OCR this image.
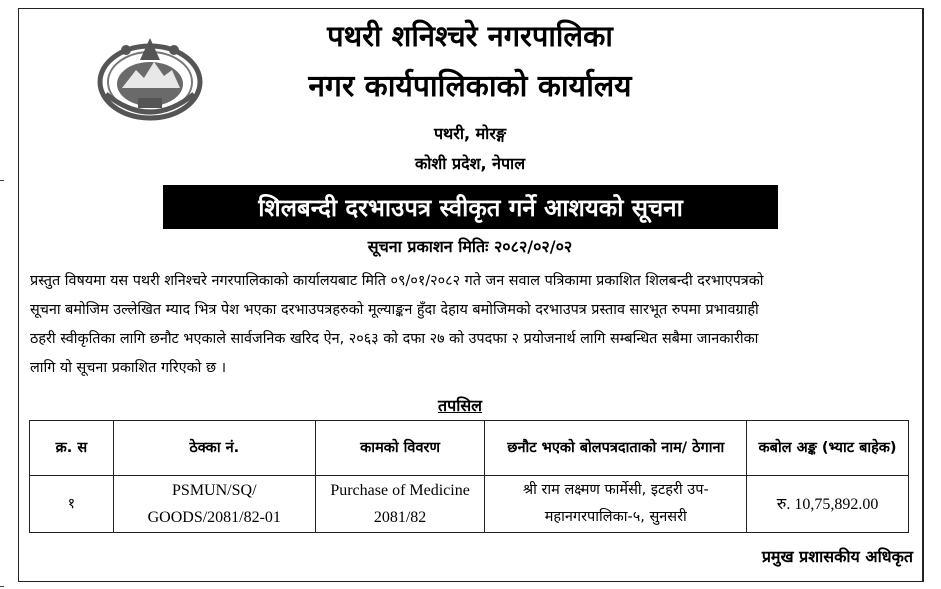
पथरी शनिश्चरे नगरपालिका
नगर कार्यपालिकाको कार्यालय
पथरी, मोरङ्ग
कोशी प्रदेश, नेपाल
शिलबन्दी दरभाउपत्र स्वीकृत गर्ने आशयको सूचना
सूचना प्रकाशन मितिः २०८२/०२/०२
प्रस्तुत विषयमा यस पथरी शनिश्चरे नगरपालिकाको कार्यालयबाट मिति ०९/०१/२०८२ गते जन सवाल पत्रिकामा प्रकाशित शिलबन्दी दरभाएपत्रको
सूचना बमोजिम उल्लेखित म्याद भित्र पेश भएका दरभाउपत्रहरुको मूल्याङ्कन हुँदा देहाय बमोजिमको दरभाउपत्र प्रस्ताव सारभूत रुपमा प्रभावग्राही
ठहरी स्वीकृतिका लागि छनौट भएकाले सार्वजनिक खरिद ऐन, २०६३ को दफा २७ को उपदफा २ प्रयोजनार्थ लागि सम्बन्धित सबैमा जानकारीका
लागि यो सूचना प्रकाशित गरिएको छ ।
तपसिल
क्र. स	ठेक्का नं.	कामको विवरण	छनौट भएको बोलपत्रदाताको नाम/ ठेगाना	कबोल अङ्क (भ्याट बाहेक)
१	PSMUN/SQ/ GOODS/2081/82-01	Purchase of Medicine 2081/82	श्री राम लक्ष्मण फार्मेसी, इटहरी उप-महानगरपालिका-५, सुनसरी	रु. 10,75,892.00
प्रमुख प्रशासकीय अधिकृत
